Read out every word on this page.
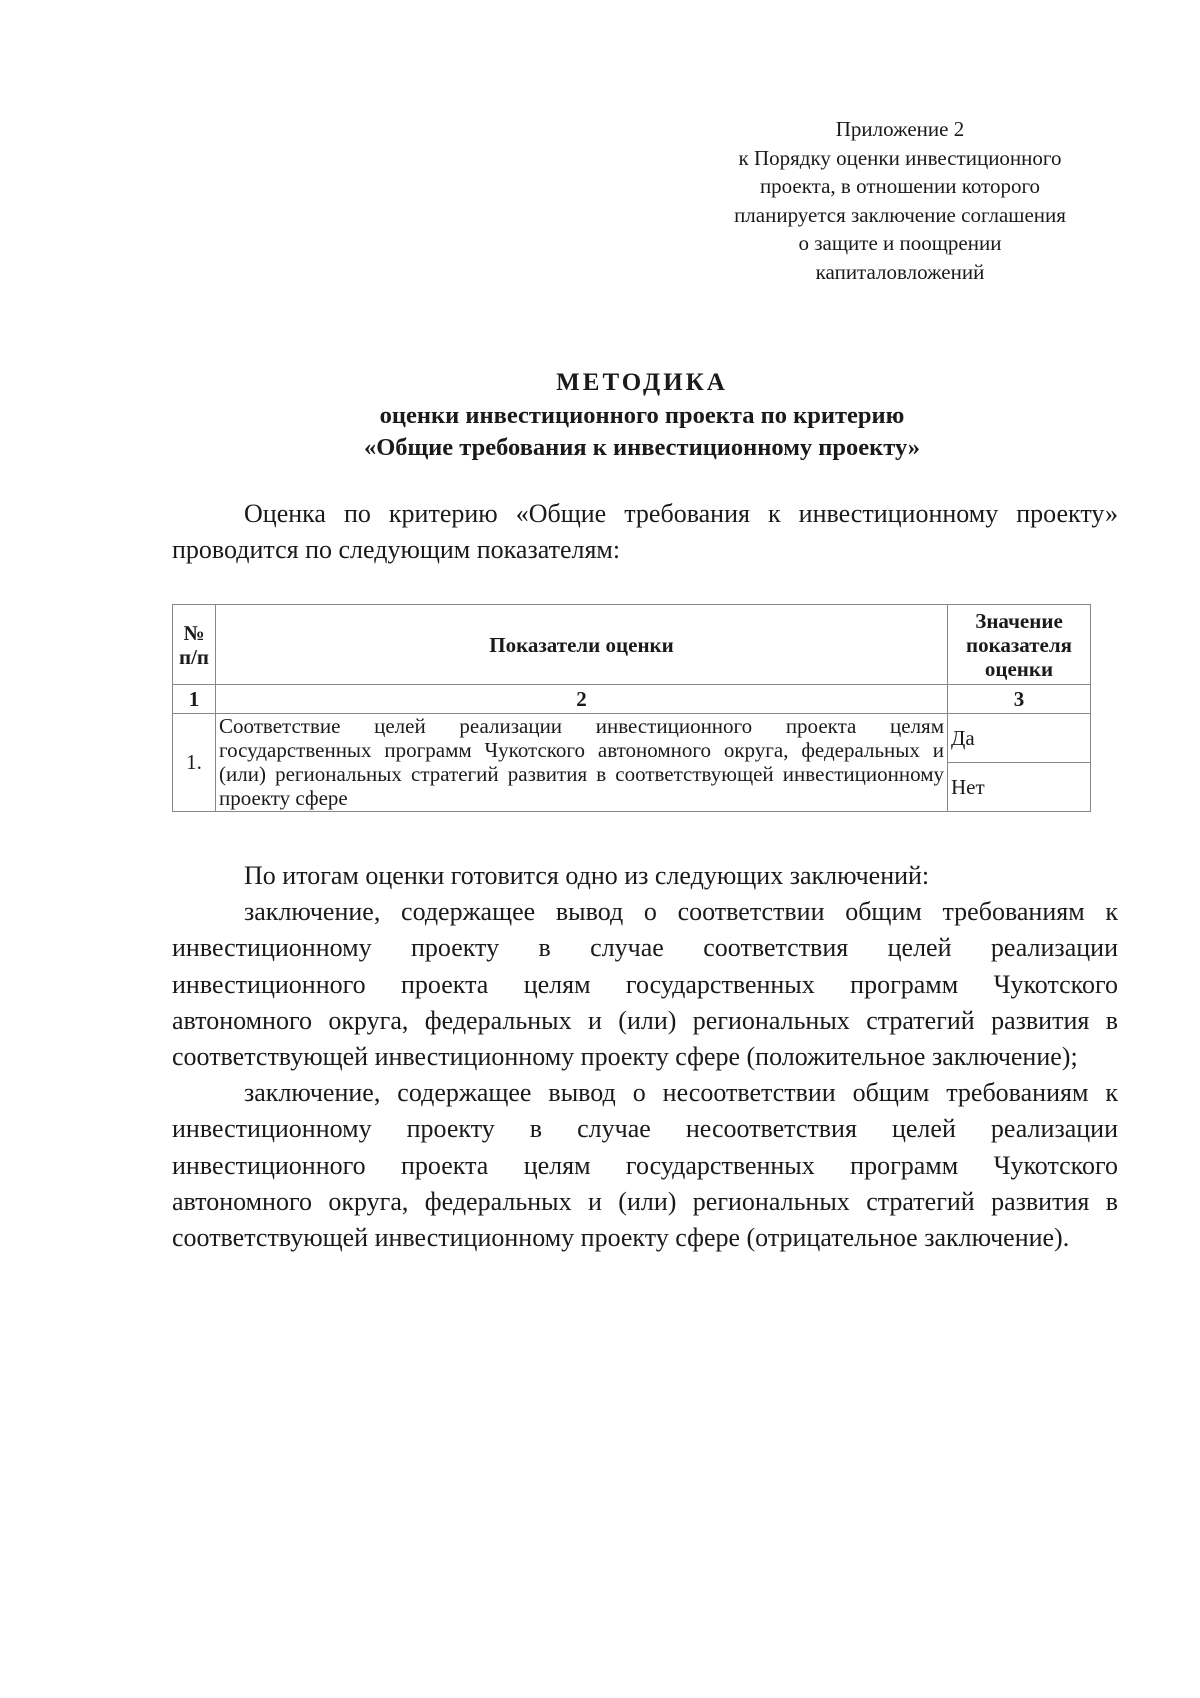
Приложение 2
к Порядку оценки инвестиционного
проекта, в отношении которого
планируется заключение соглашения
о защите и поощрении
капиталовложений
МЕТОДИКА
оценки инвестиционного проекта по критерию
«Общие требования к инвестиционному проекту»
Оценка по критерию «Общие требования к инвестиционному проекту» проводится по следующим показателям:
№ п/п	Показатели оценки	Значение показателя оценки
1	2	3
1.	Соответствие целей реализации инвестиционного проекта целям государственных программ Чукотского автономного округа, федеральных и (или) региональных стратегий развития в соответствующей инвестиционному проекту сфере	Да
		Нет

По итогам оценки готовится одно из следующих заключений:

заключение, содержащее вывод о соответствии общим требованиям к инвестиционному проекту в случае соответствия целей реализации инвестиционного проекта целям государственных программ Чукотского автономного округа, федеральных и (или) региональных стратегий развития в соответствующей инвестиционному проекту сфере (положительное заключение);

заключение, содержащее вывод о несоответствии общим требованиям к инвестиционному проекту в случае несоответствия целей реализации инвестиционного проекта целям государственных программ Чукотского автономного округа, федеральных и (или) региональных стратегий развития в соответствующей инвестиционному проекту сфере (отрицательное заключение).
